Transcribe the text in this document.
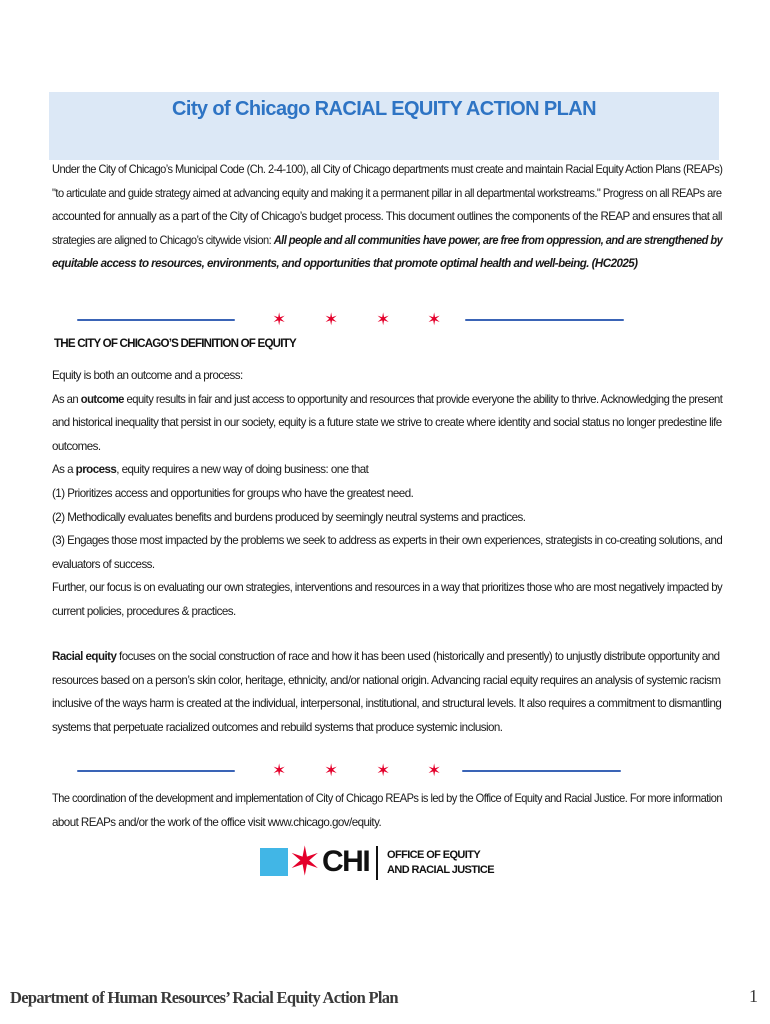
City of Chicago RACIAL EQUITY ACTION PLAN
Under the City of Chicago’s Municipal Code (Ch. 2-4-100), all City of Chicago departments must create and maintain Racial Equity Action Plans (REAPs)
"to articulate and guide strategy aimed at advancing equity and making it a permanent pillar in all departmental workstreams." Progress on all REAPs are
accounted for annually as a part of the City of Chicago’s budget process. This document outlines the components of the REAP and ensures that all
strategies are aligned to Chicago’s citywide vision: All people and all communities have power, are free from oppression, and are strengthened by
equitable access to resources, environments, and opportunities that promote optimal health and well-being. (HC2025)
✶ ✶ ✶ ✶
THE CITY OF CHICAGO’S DEFINITION OF EQUITY
Equity is both an outcome and a process:
As an outcome equity results in fair and just access to opportunity and resources that provide everyone the ability to thrive. Acknowledging the present
and historical inequality that persist in our society, equity is a future state we strive to create where identity and social status no longer predestine life
outcomes.
As a process, equity requires a new way of doing business: one that
(1) Prioritizes access and opportunities for groups who have the greatest need.
(2) Methodically evaluates benefits and burdens produced by seemingly neutral systems and practices.
(3) Engages those most impacted by the problems we seek to address as experts in their own experiences, strategists in co-creating solutions, and
evaluators of success.
Further, our focus is on evaluating our own strategies, interventions and resources in a way that prioritizes those who are most negatively impacted by
current policies, procedures & practices.
Racial equity focuses on the social construction of race and how it has been used (historically and presently) to unjustly distribute opportunity and
resources based on a person’s skin color, heritage, ethnicity, and/or national origin. Advancing racial equity requires an analysis of systemic racism
inclusive of the ways harm is created at the individual, interpersonal, institutional, and structural levels. It also requires a commitment to dismantling
systems that perpetuate racialized outcomes and rebuild systems that produce systemic inclusion.
✶ ✶ ✶ ✶
The coordination of the development and implementation of City of Chicago REAPs is led by the Office of Equity and Racial Justice. For more information
about REAPs and/or the work of the office visit www.chicago.gov/equity.
✶ CHI OFFICE OF EQUITY
AND RACIAL JUSTICE
Department of Human Resources’ Racial Equity Action Plan	1
